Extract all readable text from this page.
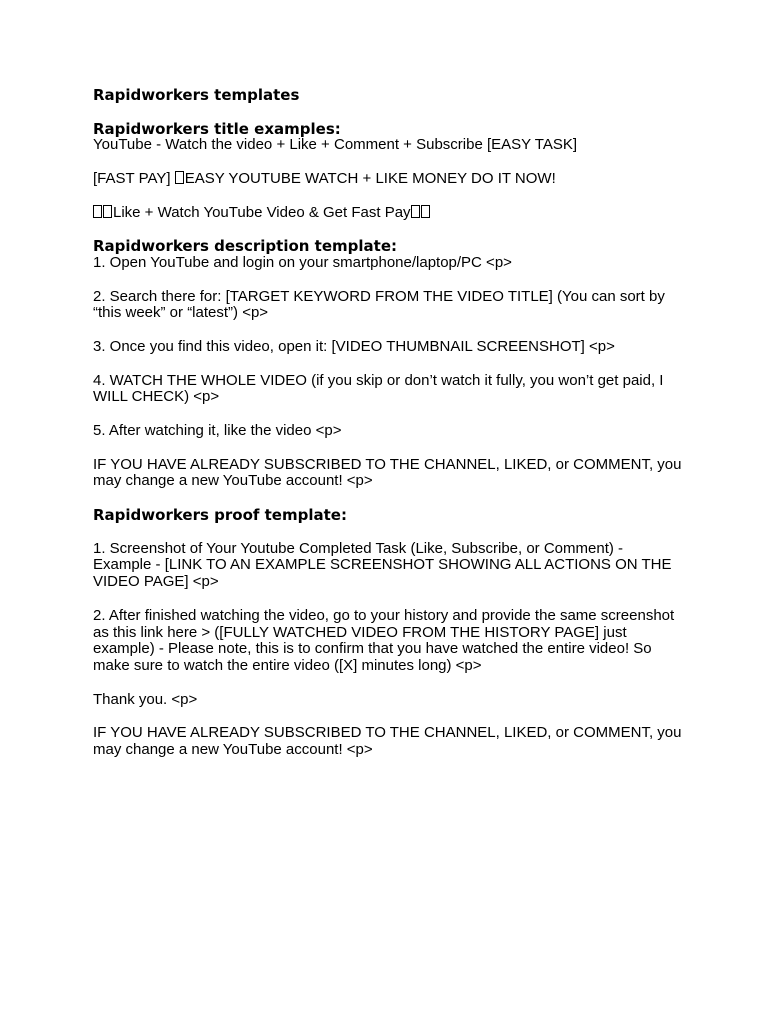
Rapidworkers templates

Rapidworkers title examples:

YouTube - Watch the video + Like + Comment + Subscribe [EASY TASK]

[FAST PAY] EASY YOUTUBE WATCH + LIKE MONEY DO IT NOW!

Like + Watch YouTube Video & Get Fast Pay

Rapidworkers description template:

1. Open YouTube and login on your smartphone/laptop/PC <p>

2. Search there for: [TARGET KEYWORD FROM THE VIDEO TITLE] (You can sort by “this week” or “latest”) <p>

3. Once you find this video, open it: [VIDEO THUMBNAIL SCREENSHOT] <p>

4. WATCH THE WHOLE VIDEO (if you skip or don’t watch it fully, you won’t get paid, I WILL CHECK) <p>

5. After watching it, like the video <p>

IF YOU HAVE ALREADY SUBSCRIBED TO THE CHANNEL, LIKED, or COMMENT, you may change a new YouTube account! <p>

Rapidworkers proof template:

1. Screenshot of Your Youtube Completed Task (Like, Subscribe, or Comment) - Example - [LINK TO AN EXAMPLE SCREENSHOT SHOWING ALL ACTIONS ON THE VIDEO PAGE] <p>

2. After finished watching the video, go to your history and provide the same screenshot as this link here > ([FULLY WATCHED VIDEO FROM THE HISTORY PAGE] just example) - Please note, this is to confirm that you have watched the entire video! So make sure to watch the entire video ([X] minutes long) <p>

Thank you. <p>

IF YOU HAVE ALREADY SUBSCRIBED TO THE CHANNEL, LIKED, or COMMENT, you may change a new YouTube account! <p>
